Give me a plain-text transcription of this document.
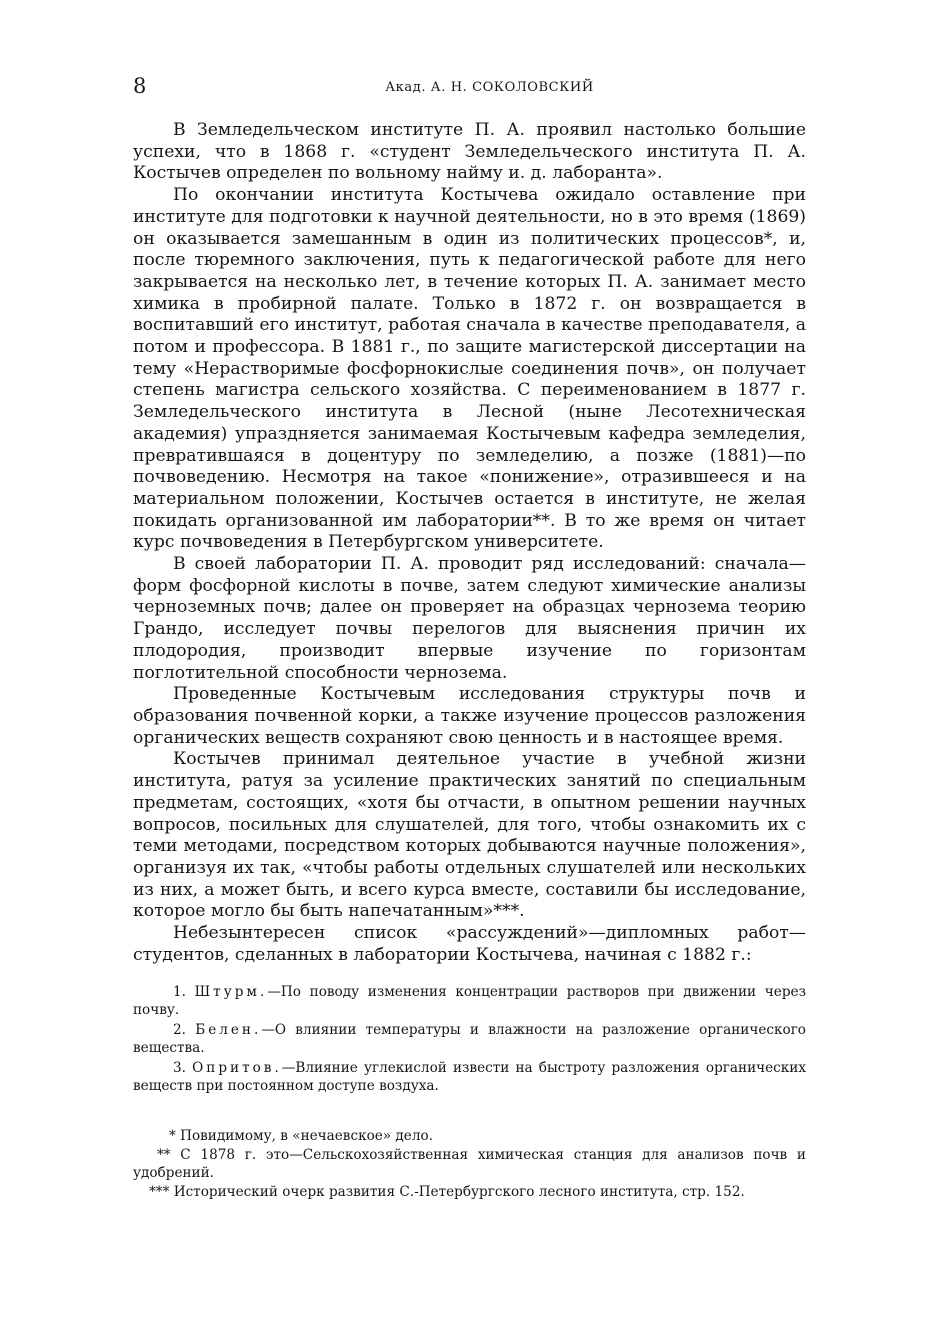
8	Акад. А. Н. СОКОЛОВСКИЙ

В Земледельческом институте П. А. проявил настолько большие успехи, что в 1868 г. «студент Земледельческого института П. А. Костычев определен по вольному найму и. д. лаборанта».

По окончании института Костычева ожидало оставление при институте для подготовки к научной деятельности, но в это время (1869) он оказывается замешанным в один из политических процессов*, и, после тюремного заключения, путь к педагогической работе для него закрывается на несколько лет, в течение которых П. А. занимает место химика в пробирной палате. Только в 1872 г. он возвращается в воспитавший его институт, работая сначала в качестве преподавателя, а потом и профессора. В 1881 г., по защите магистерской диссертации на тему «Нерастворимые фосфорнокислые соединения почв», он получает степень магистра сельского хозяйства. С переименованием в 1877 г. Земледельческого института в Лесной (ныне Лесотехническая академия) упраздняется занимаемая Костычевым кафедра земледелия, превратившаяся в доцентуру по земледелию, а позже (1881)—по почвоведению. Несмотря на такое «понижение», отразившееся и на материальном положении, Костычев остается в институте, не желая покидать организованной им лаборатории**. В то же время он читает курс почвоведения в Петербургском университете.

В своей лаборатории П. А. проводит ряд исследований: сначала—форм фосфорной кислоты в почве, затем следуют химические анализы черноземных почв; далее он проверяет на образцах чернозема теорию Грандо, исследует почвы перелогов для выяснения причин их плодородия, производит впервые изучение по горизонтам поглотительной способности чернозема.

Проведенные Костычевым исследования структуры почв и образования почвенной корки, а также изучение процессов разложения органических веществ сохраняют свою ценность и в настоящее время.

Костычев принимал деятельное участие в учебной жизни института, ратуя за усиление практических занятий по специальным предметам, состоящих, «хотя бы отчасти, в опытном решении научных вопросов, посильных для слушателей, для того, чтобы ознакомить их с теми методами, посредством которых добываются научные положения», организуя их так, «чтобы работы отдельных слушателей или нескольких из них, а может быть, и всего курса вместе, составили бы исследование, которое могло бы быть напечатанным»***.

Небезынтересен список «рассуждений»—дипломных работ—студентов, сделанных в лаборатории Костычева, начиная с 1882 г.:

1. Штурм.—По поводу изменения концентрации растворов при движении через почву.

2. Белен.—О влиянии температуры и влажности на разложение органического вещества.

3. Опритов.—Влияние углекислой извести на быстроту разложения органических веществ при постоянном доступе воздуха.

* Повидимому, в «нечаевское» дело.

** С 1878 г. это—Сельскохозяйственная химическая станция для анализов почв и удобрений.

*** Исторический очерк развития С.-Петербургского лесного института, стр. 152.
